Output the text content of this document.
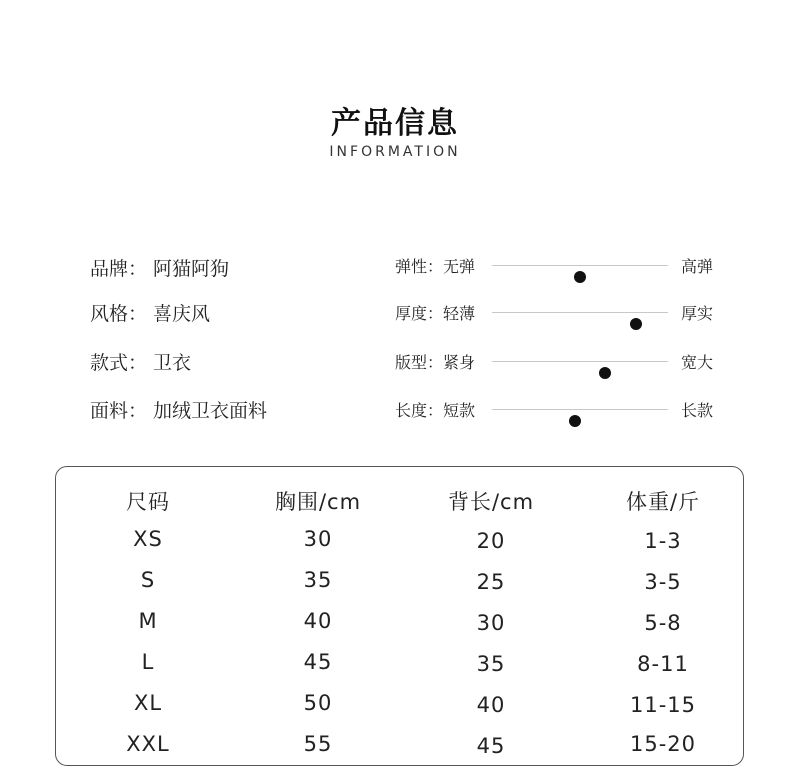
产品信息
INFORMATION
品牌： 阿猫阿狗
风格： 喜庆风
款式： 卫衣
面料： 加绒卫衣面料
弹性：无弹	高弹
厚度：轻薄	厚实
版型：紧身	宽大
长度：短款	长款
尺码	胸围/cm	背长/cm	体重/斤
XS	30	20	1-3
S	35	25	3-5
M	40	30	5-8
L	45	35	8-11
XL	50	40	11-15
XXL	55	45	15-20
